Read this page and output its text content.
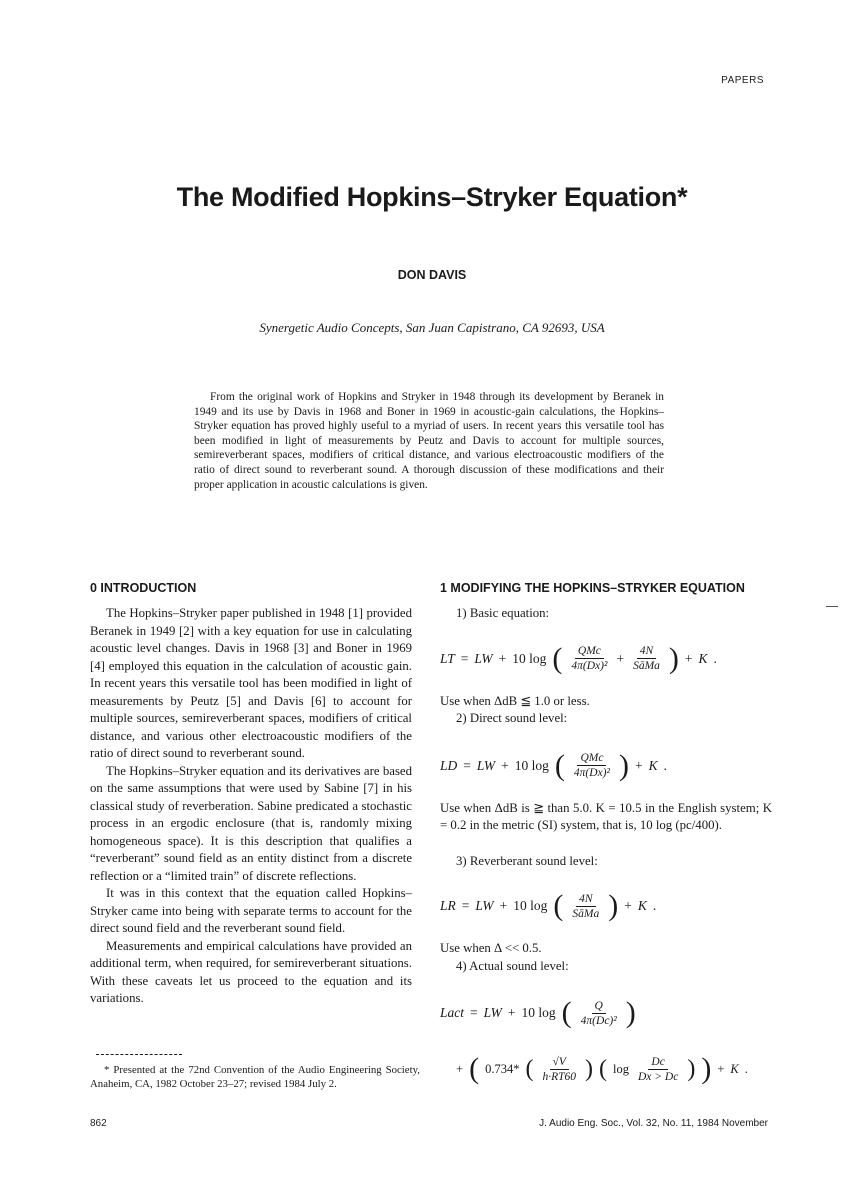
PAPERS
The Modified Hopkins–Stryker Equation*
DON DAVIS
Synergetic Audio Concepts, San Juan Capistrano, CA 92693, USA

From the original work of Hopkins and Stryker in 1948 through its development by Beranek in 1949 and its use by Davis in 1968 and Boner in 1969 in acoustic-gain calculations, the Hopkins–Stryker equation has proved highly useful to a myriad of users. In recent years this versatile tool has been modified in light of measurements by Peutz and Davis to account for multiple sources, semireverberant spaces, modifiers of critical distance, and various electroacoustic modifiers of the ratio of direct sound to reverberant sound. A thorough discussion of these modifications and their proper application in acoustic calculations is given.

0 INTRODUCTION

The Hopkins–Stryker paper published in 1948 [1] provided Beranek in 1949 [2] with a key equation for use in calculating acoustic level changes. Davis in 1968 [3] and Boner in 1969 [4] employed this equation in the calculation of acoustic gain. In recent years this versatile tool has been modified in light of measurements by Peutz [5] and Davis [6] to account for multiple sources, semireverberant spaces, modifiers of critical distance, and various other electroacoustic modifiers of the ratio of direct sound to reverberant sound.

The Hopkins–Stryker equation and its derivatives are based on the same assumptions that were used by Sabine [7] in his classical study of reverberation. Sabine predicated a stochastic process in an ergodic enclosure (that is, randomly mixing homogeneous space). It is this description that qualifies a “reverberant” sound field as an entity distinct from a discrete reflection or a “limited train” of discrete reflections.

It was in this context that the equation called Hopkins–Stryker came into being with separate terms to account for the direct sound field and the reverberant sound field.

Measurements and empirical calculations have provided an additional term, when required, for semireverberant situations. With these caveats let us proceed to the equation and its variations.

* Presented at the 72nd Convention of the Audio Engineering Society, Anaheim, CA, 1982 October 23–27; revised 1984 July 2.

1 MODIFYING THE HOPKINS–STRYKER EQUATION

1) Basic equation:

LT = LW + 10 log ( $\frac{\text{QMc}}{\text{4π(Dx)²}} + \frac{4N}{\text{SāMa}}$ ) + K .

Use when ΔdB ≦ 1.0 or less.

2) Direct sound level:

LD = LW + 10 log ( $\frac{\text{QMc}}{\text{4π(Dx)²}}$ ) + K .

Use when ΔdB is ≧ than 5.0. K = 10.5 in the English system; K = 0.2 in the metric (SI) system, that is, 10 log (pc/400).

3) Reverberant sound level:

LR = LW + 10 log ( $\frac{4N}{\text{SāMa}}$ ) + K .

Use when Δ << 0.5.

4) Actual sound level:

Lact = LW + 10 log ( $\frac{Q}{\text{4π(Dc)²}}$ )
+ ( 0.734* ( $\frac{√V}{h\cdot RT60}$ ) ( $\log \frac{Dc}{Dx > Dc}$ ) ) + K .
862	J. Audio Eng. Soc., Vol. 32, No. 11, 1984 November
